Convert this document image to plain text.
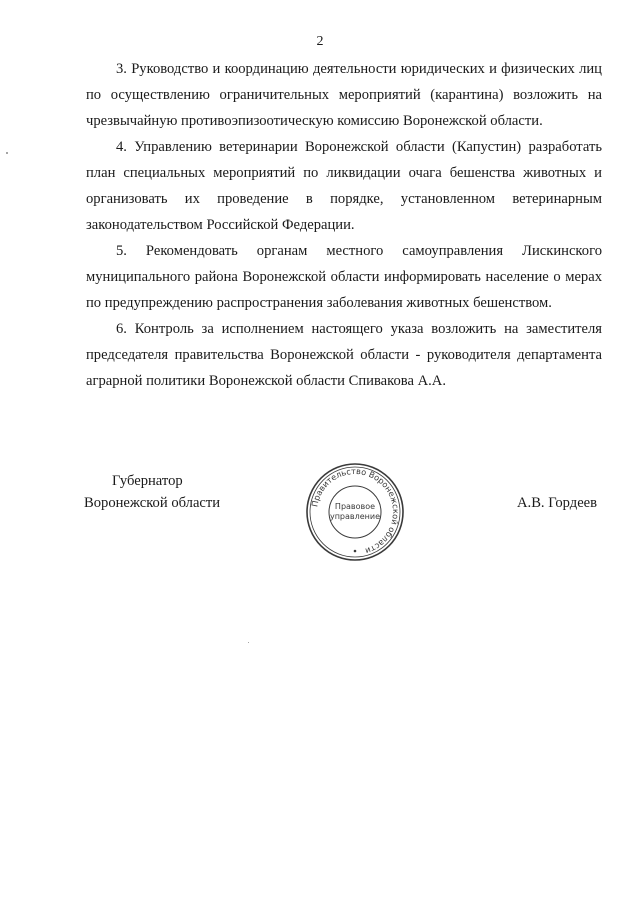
2

3. Руководство и координацию деятельности юридических и физических лиц по осуществлению ограничительных мероприятий (карантина) возложить на чрезвычайную противоэпизоотическую комиссию Воронежской области.

4. Управлению ветеринарии Воронежской области (Капустин) разработать план специальных мероприятий по ликвидации очага бешенства животных и организовать их проведение в порядке, установленном ветеринарным законодательством Российской Федерации.

5. Рекомендовать органам местного самоуправления Лискинского муниципального района Воронежской области информировать население о мерах по предупреждению распространения заболевания животных бешенством.

6. Контроль за исполнением настоящего указа возложить на заместителя председателя правительства Воронежской области - руководителя департамента аграрной политики Воронежской области Спивакова А.А.

Губернатор
Воронежской области	А.В. Гордеев
Правительство Воронежской области
Правовое
управление
